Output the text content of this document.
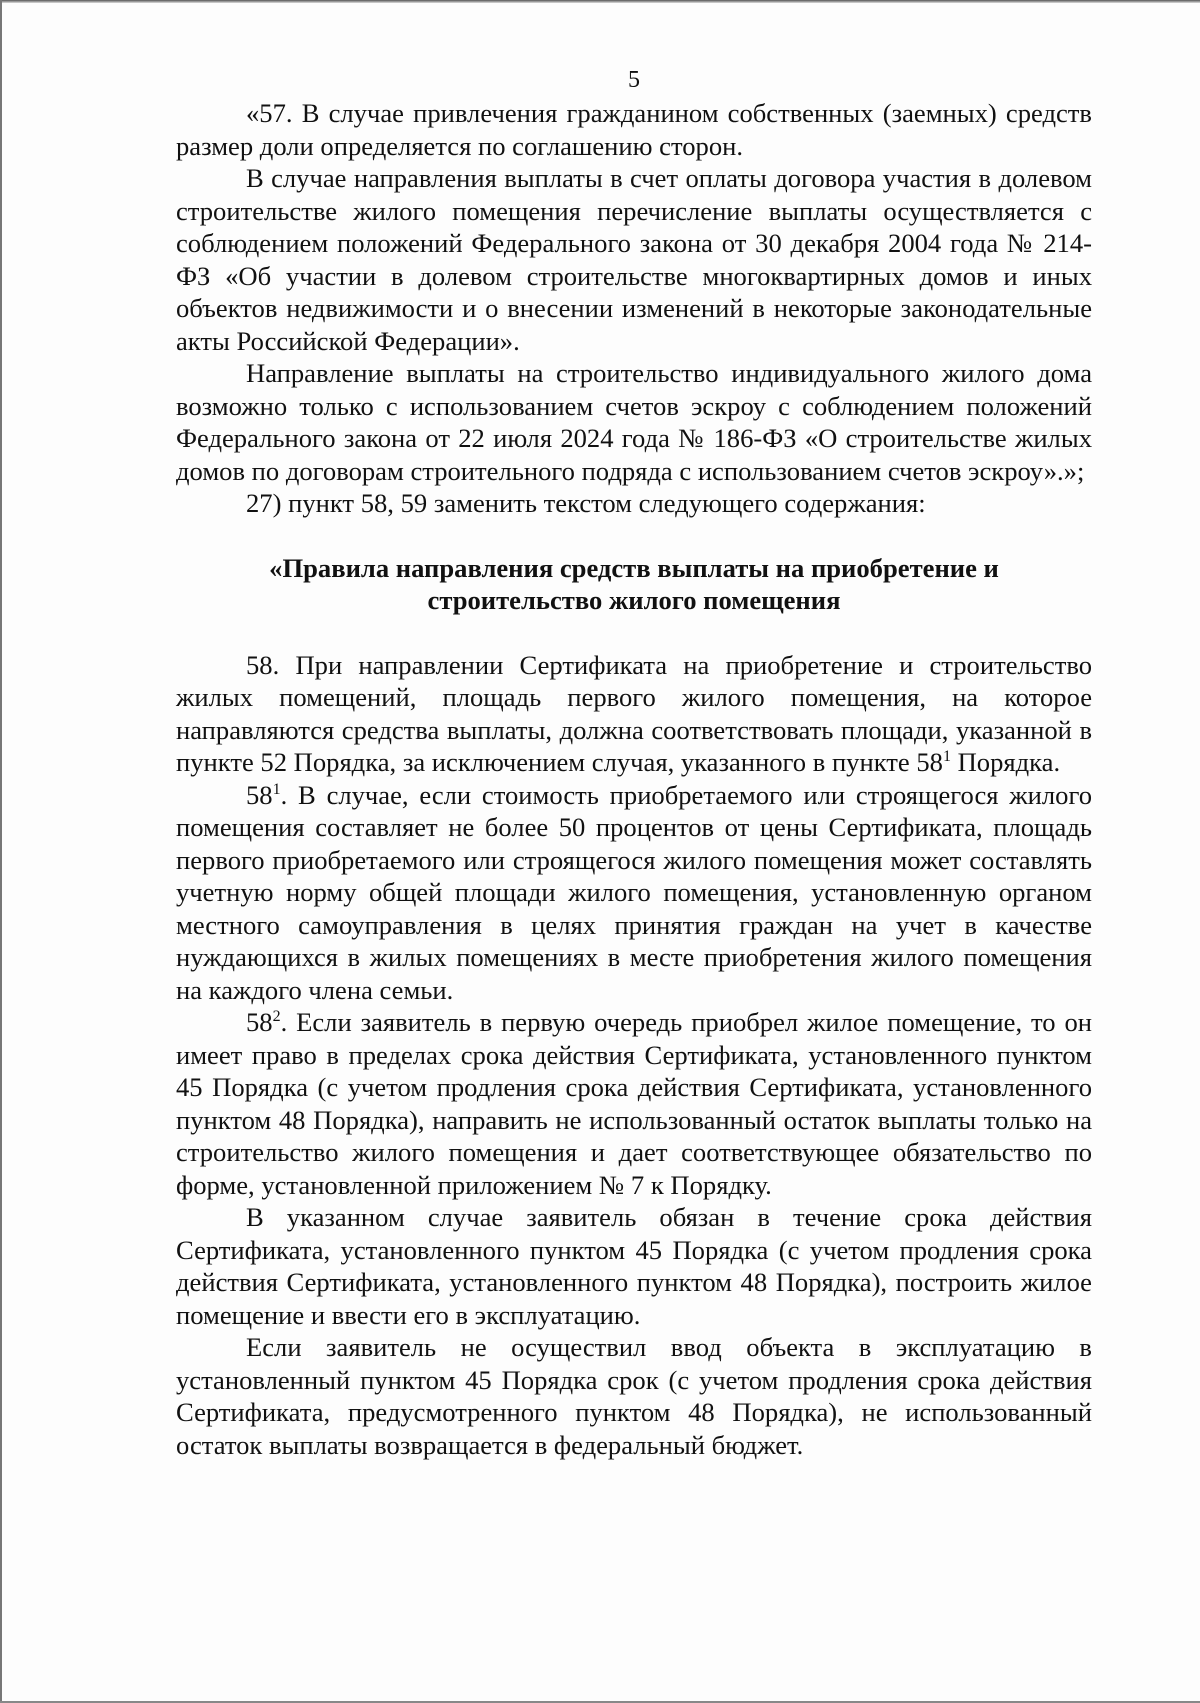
5

«57. В случае привлечения гражданином собственных (заемных) средств размер доли определяется по соглашению сторон.

В случае направления выплаты в счет оплаты договора участия в долевом строительстве жилого помещения перечисление выплаты осуществляется с соблюдением положений Федерального закона от 30 декабря 2004 года № 214-ФЗ «Об участии в долевом строительстве многоквартирных домов и иных объектов недвижимости и о внесении изменений в некоторые законодательные акты Российской Федерации».

Направление выплаты на строительство индивидуального жилого дома возможно только с использованием счетов эскроу с соблюдением положений Федерального закона от 22 июля 2024 года № 186-ФЗ «О строительстве жилых домов по договорам строительного подряда с использованием счетов эскроу».»;

27) пункт 58, 59 заменить текстом следующего содержания:

«Правила направления средств выплаты на приобретение и
строительство жилого помещения

58. При направлении Сертификата на приобретение и строительство жилых помещений, площадь первого жилого помещения, на которое направляются средства выплаты, должна соответствовать площади, указанной в пункте 52 Порядка, за исключением случая, указанного в пункте $58^1$ Порядка.

$58^1$. В случае, если стоимость приобретаемого или строящегося жилого помещения составляет не более 50 процентов от цены Сертификата, площадь первого приобретаемого или строящегося жилого помещения может составлять учетную норму общей площади жилого помещения, установленную органом местного самоуправления в целях принятия граждан на учет в качестве нуждающихся в жилых помещениях в месте приобретения жилого помещения на каждого члена семьи.

$58^2$. Если заявитель в первую очередь приобрел жилое помещение, то он имеет право в пределах срока действия Сертификата, установленного пунктом 45 Порядка (с учетом продления срока действия Сертификата, установленного пунктом 48 Порядка), направить не использованный остаток выплаты только на строительство жилого помещения и дает соответствующее обязательство по форме, установленной приложением № 7 к Порядку.

В указанном случае заявитель обязан в течение срока действия Сертификата, установленного пунктом 45 Порядка (с учетом продления срока действия Сертификата, установленного пунктом 48 Порядка), построить жилое помещение и ввести его в эксплуатацию.

Если заявитель не осуществил ввод объекта в эксплуатацию в установленный пунктом 45 Порядка срок (с учетом продления срока действия Сертификата, предусмотренного пунктом 48 Порядка), не использованный остаток выплаты возвращается в федеральный бюджет.
